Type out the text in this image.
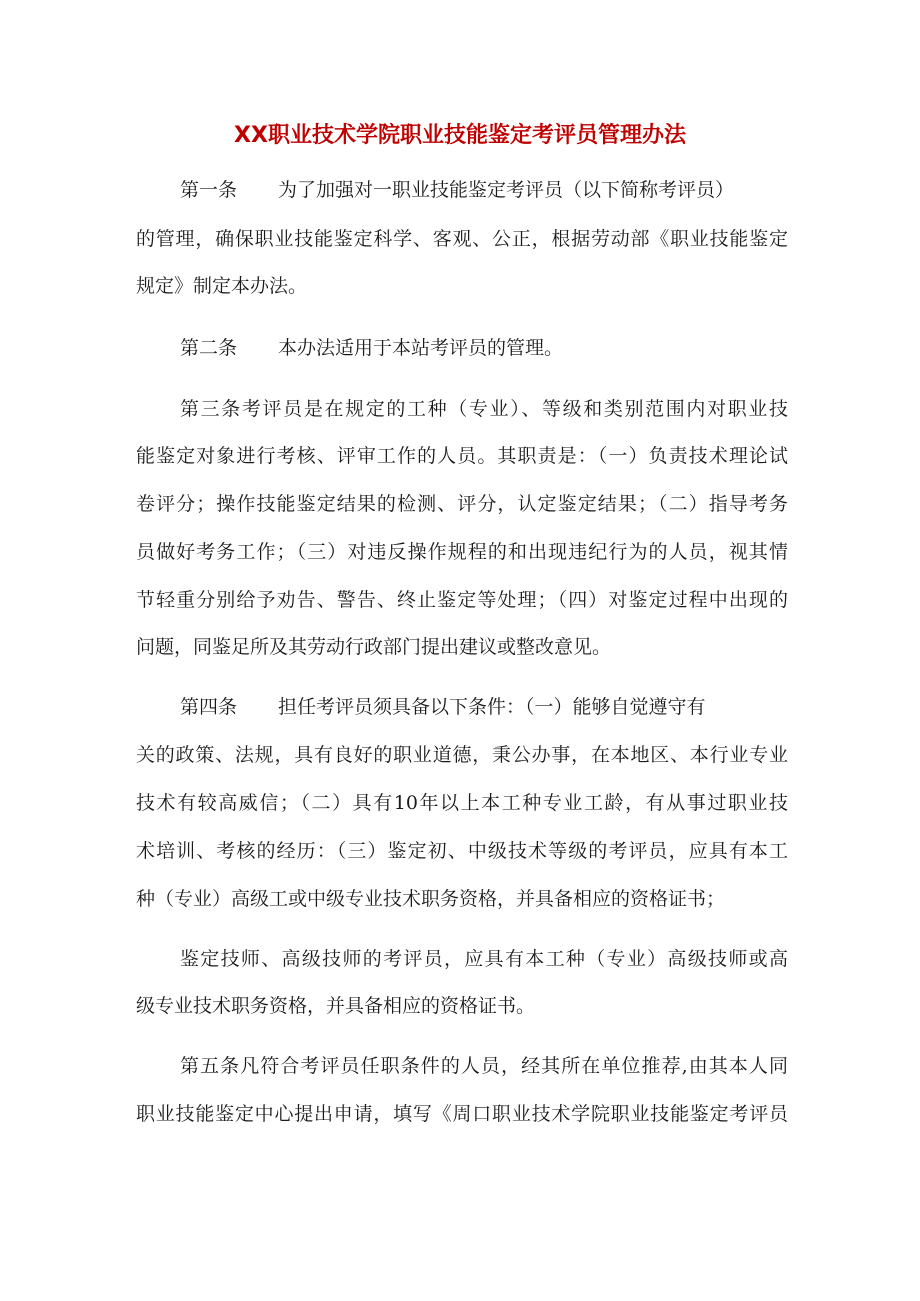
XX职业技术学院职业技能鉴定考评员管理办法
第一条 为了加强对一职业技能鉴定考评员（以下简称考评员）
的管理，确保职业技能鉴定科学、客观、公正，根据劳动部《职业技能鉴定
规定》制定本办法。
第二条 本办法适用于本站考评员的管理。
第三条考评员是在规定的工种（专业）、等级和类别范围内对职业技
能鉴定对象进行考核、评审工作的人员。其职责是：（一）负责技术理论试
卷评分；操作技能鉴定结果的检测、评分，认定鉴定结果；（二）指导考务
员做好考务工作；（三）对违反操作规程的和出现违纪行为的人员，视其情
节轻重分别给予劝告、警告、终止鉴定等处理；（四）对鉴定过程中出现的
问题，同鉴足所及其劳动行政部门提出建议或整改意见。
第四条 担任考评员须具备以下条件：（一）能够自觉遵守有
关的政策、法规，具有良好的职业道德，秉公办事，在本地区、本行业专业
技术有较高威信；（二）具有10年以上本工种专业工龄，有从事过职业技
术培训、考核的经历：（三）鉴定初、中级技术等级的考评员，应具有本工
种（专业）高级工或中级专业技术职务资格，并具备相应的资格证书；
鉴定技师、高级技师的考评员，应具有本工种（专业）高级技师或高
级专业技术职务资格，并具备相应的资格证书。
第五条凡符合考评员任职条件的人员，经其所在单位推荐,由其本人同
职业技能鉴定中心提出申请，填写《周口职业技术学院职业技能鉴定考评员
